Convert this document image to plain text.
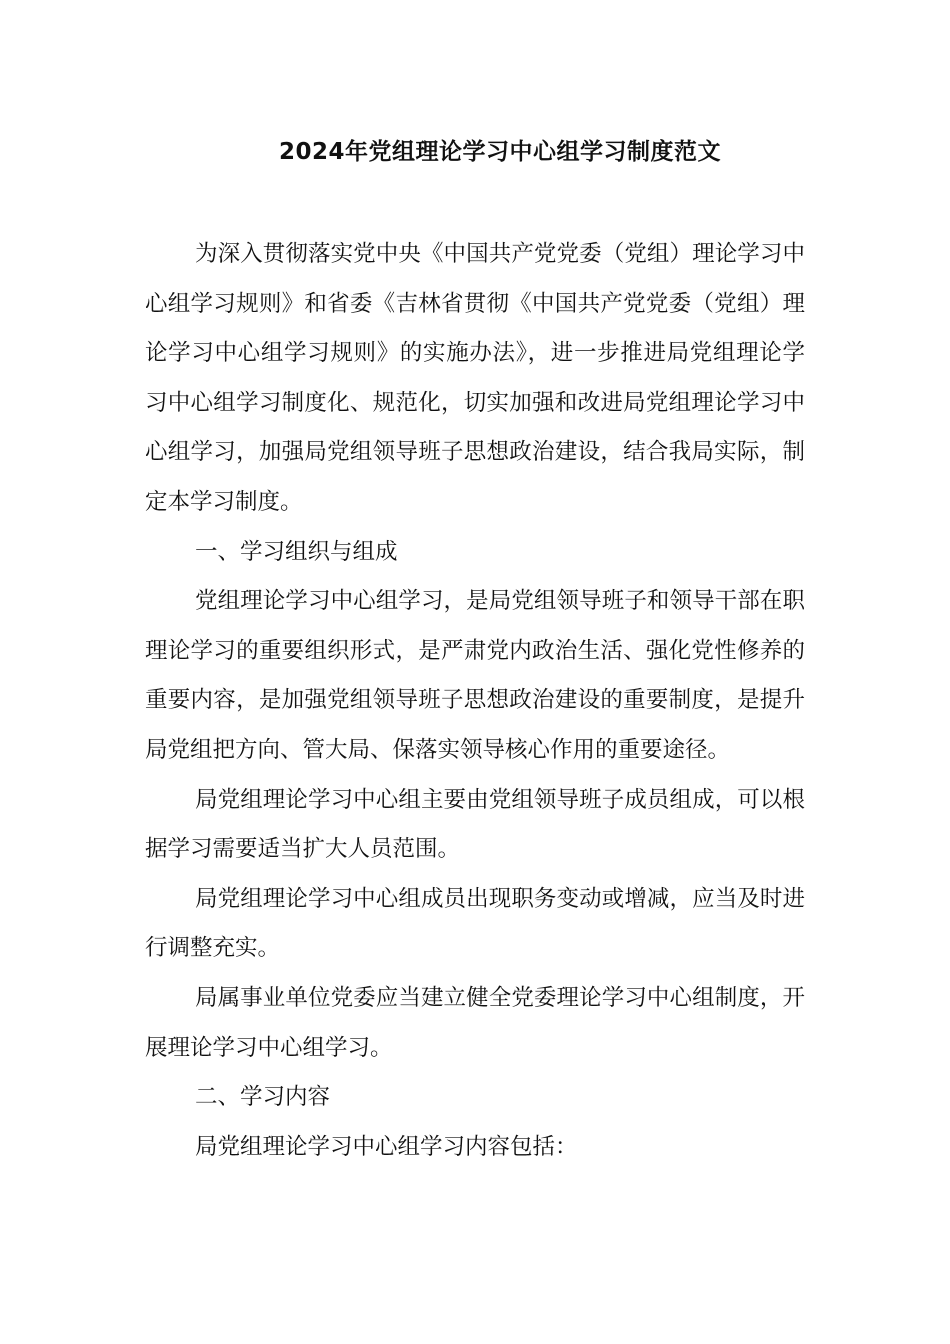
2024年党组理论学习中心组学习制度范文

为深入贯彻落实党中央《中国共产党党委（党组）理论学习中心组学习规则》和省委《吉林省贯彻《中国共产党党委（党组）理论学习中心组学习规则》的实施办法》，进一步推进局党组理论学习中心组学习制度化、规范化，切实加强和改进局党组理论学习中心组学习，加强局党组领导班子思想政治建设，结合我局实际，制定本学习制度。

一、学习组织与组成

党组理论学习中心组学习，是局党组领导班子和领导干部在职理论学习的重要组织形式，是严肃党内政治生活、强化党性修养的重要内容，是加强党组领导班子思想政治建设的重要制度，是提升局党组把方向、管大局、保落实领导核心作用的重要途径。

局党组理论学习中心组主要由党组领导班子成员组成，可以根据学习需要适当扩大人员范围。

局党组理论学习中心组成员出现职务变动或增减，应当及时进行调整充实。

局属事业单位党委应当建立健全党委理论学习中心组制度，开展理论学习中心组学习。

二、学习内容

局党组理论学习中心组学习内容包括：
